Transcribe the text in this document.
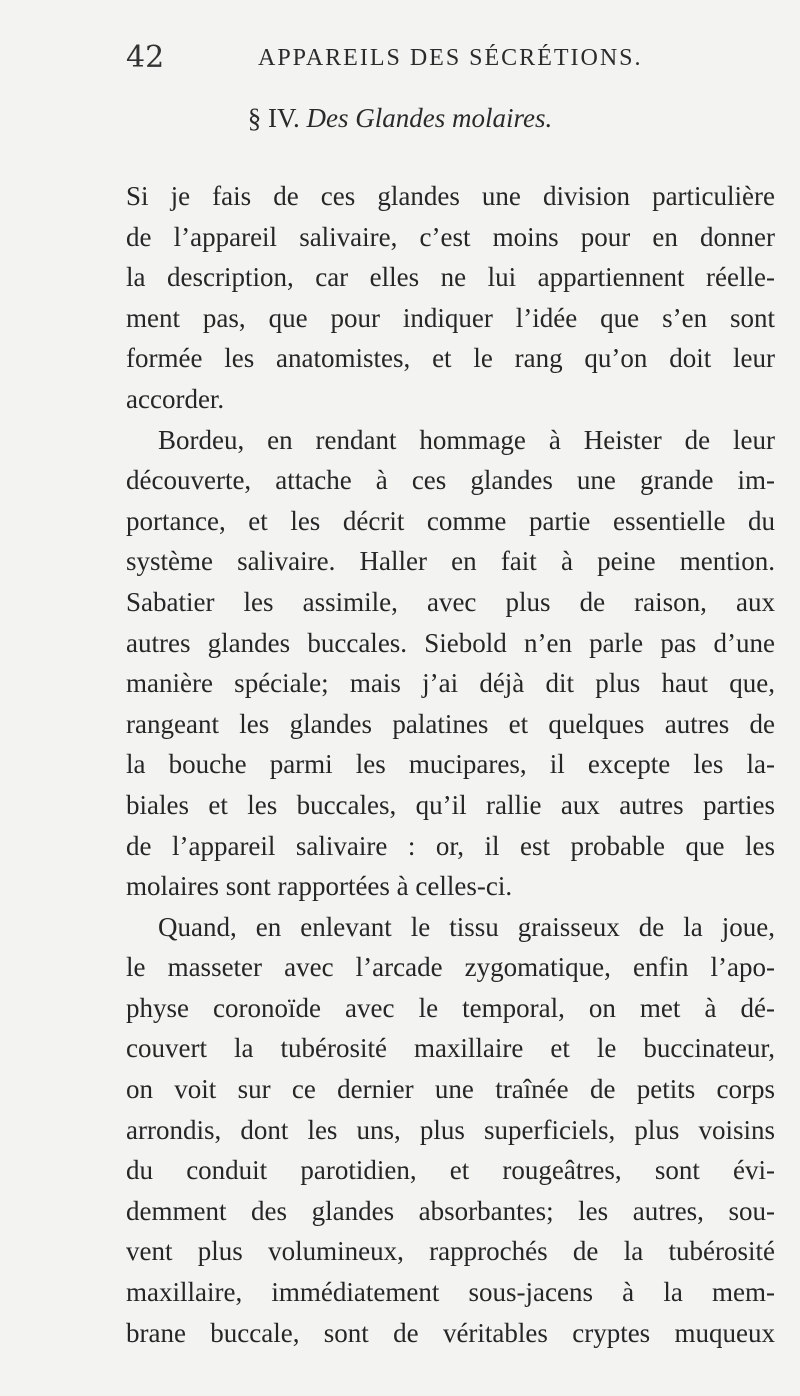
42	APPAREILS DES SÉCRÉTIONS.
§ IV. Des Glandes molaires.
Si je fais de ces glandes une division particulière
de l’appareil salivaire, c’est moins pour en donner
la description, car elles ne lui appartiennent réelle-
ment pas, que pour indiquer l’idée que s’en sont
formée les anatomistes, et le rang qu’on doit leur
accorder.
Bordeu, en rendant hommage à Heister de leur
découverte, attache à ces glandes une grande im-
portance, et les décrit comme partie essentielle du
système salivaire. Haller en fait à peine mention.
Sabatier les assimile, avec plus de raison, aux
autres glandes buccales. Siebold n’en parle pas d’une
manière spéciale; mais j’ai déjà dit plus haut que,
rangeant les glandes palatines et quelques autres de
la bouche parmi les mucipares, il excepte les la-
biales et les buccales, qu’il rallie aux autres parties
de l’appareil salivaire : or, il est probable que les
molaires sont rapportées à celles-ci.
Quand, en enlevant le tissu graisseux de la joue,
le masseter avec l’arcade zygomatique, enfin l’apo-
physe coronoïde avec le temporal, on met à dé-
couvert la tubérosité maxillaire et le buccinateur,
on voit sur ce dernier une traînée de petits corps
arrondis, dont les uns, plus superficiels, plus voisins
du conduit parotidien, et rougeâtres, sont évi-
demment des glandes absorbantes; les autres, sou-
vent plus volumineux, rapprochés de la tubérosité
maxillaire, immédiatement sous-jacens à la mem-
brane buccale, sont de véritables cryptes muqueux
